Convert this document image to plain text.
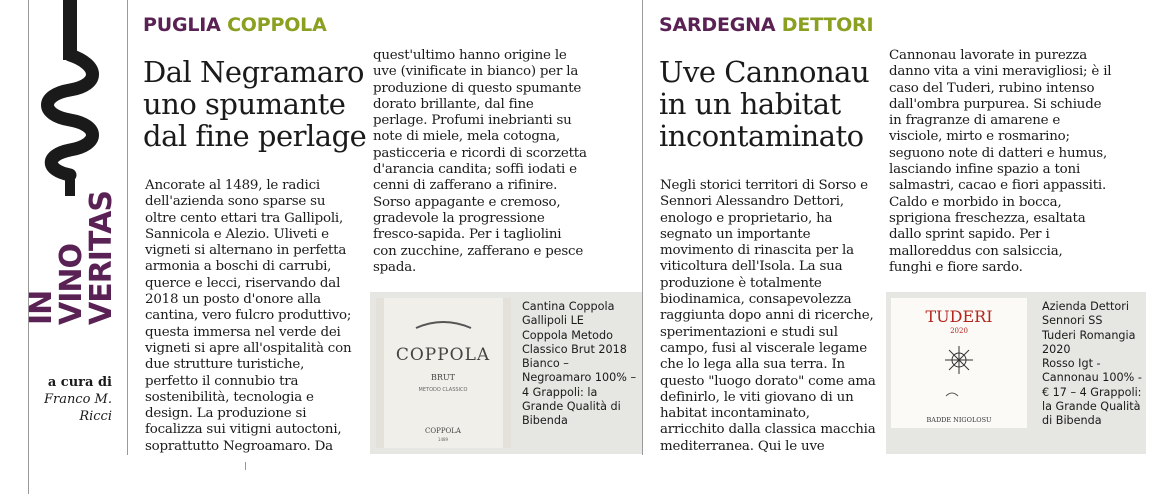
IN VINO
VERITAS
a cura di
Franco M. Ricci
PUGLIA COPPOLA
Dal Negramaro
uno spumante
dal fine perlage
Ancorate al 1489, le radici
dell'azienda sono sparse su
oltre cento ettari tra Gallipoli,
Sannicola e Alezio. Uliveti e
vigneti si alternano in perfetta
armonia a boschi di carrubi,
querce e lecci, riservando dal
2018 un posto d'onore alla
cantina, vero fulcro produttivo;
questa immersa nel verde dei
vigneti si apre all'ospitalità con
due strutture turistiche,
perfetto il connubio tra
sostenibilità, tecnologia e
design. La produzione si
focalizza sui vitigni autoctoni,
soprattutto Negroamaro. Da
quest'ultimo hanno origine le
uve (vinificate in bianco) per la
produzione di questo spumante
dorato brillante, dal fine
perlage. Profumi inebrianti su
note di miele, mela cotogna,
pasticceria e ricordi di scorzetta
d'arancia candita; soffi iodati e
cenni di zafferano a rifinire.
Sorso appagante e cremoso,
gradevole la progressione
fresco-sapida. Per i tagliolini
con zucchine, zafferano e pesce
spada.
COPPOLA
BRUT
METODO CLASSICO
COPPOLA
1489
Cantina Coppola
Gallipoli LE
Coppola Metodo
Classico Brut 2018
Bianco –
Negroamaro 100% –
4 Grappoli: la
Grande Qualità di
Bibenda
SARDEGNA DETTORI
Uve Cannonau
in un habitat
incontaminato
Negli storici territori di Sorso e
Sennori Alessandro Dettori,
enologo e proprietario, ha
segnato un importante
movimento di rinascita per la
viticoltura dell'Isola. La sua
produzione è totalmente
biodinamica, consapevolezza
raggiunta dopo anni di ricerche,
sperimentazioni e studi sul
campo, fusi al viscerale legame
che lo lega alla sua terra. In
questo "luogo dorato" come ama
definirlo, le viti giovano di un
habitat incontaminato,
arricchito dalla classica macchia
mediterranea. Qui le uve
Cannonau lavorate in purezza
danno vita a vini meravigliosi; è il
caso del Tuderi, rubino intenso
dall'ombra purpurea. Si schiude
in fragranze di amarene e
visciole, mirto e rosmarino;
seguono note di datteri e humus,
lasciando infine spazio a toni
salmastri, cacao e fiori appassiti.
Caldo e morbido in bocca,
sprigiona freschezza, esaltata
dallo sprint sapido. Per i
malloreddus con salsiccia,
funghi e fiore sardo.
TUDERI
2020
BADDE NIGOLOSU
Azienda Dettori
Sennori SS
Tuderi Romangia
2020
Rosso Igt -
Cannonau 100% -
€ 17 – 4 Grappoli:
la Grande Qualità
di Bibenda
